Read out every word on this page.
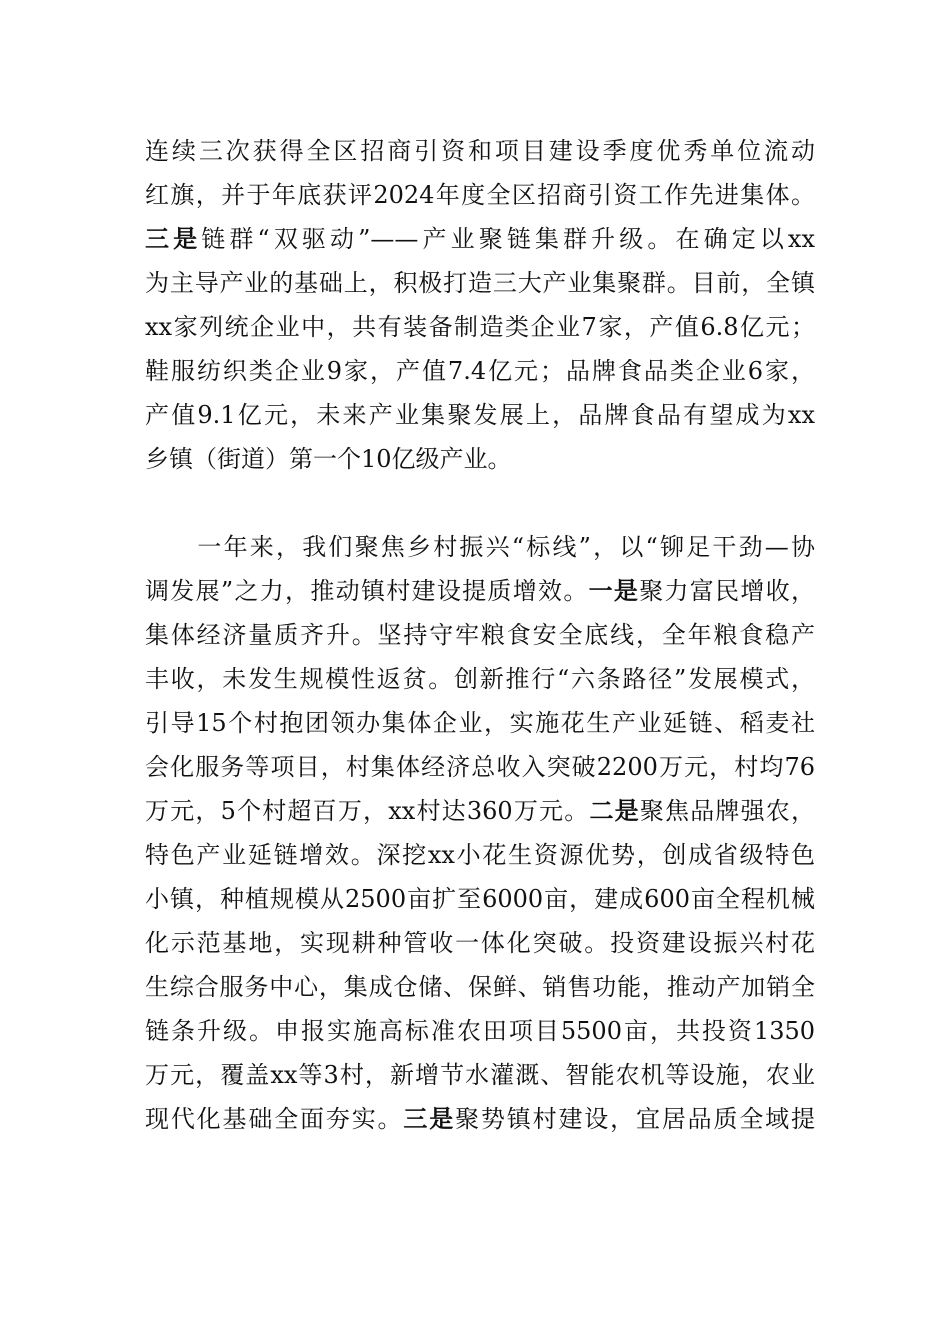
连续三次获得全区招商引资和项目建设季度优秀单位流动
红旗，并于年底获评2024年度全区招商引资工作先进集体。
三是链群“双驱动”——产业聚链集群升级。在确定以xx
为主导产业的基础上，积极打造三大产业集聚群。目前，全镇
xx家列统企业中，共有装备制造类企业7家，产值6.8亿元；
鞋服纺织类企业9家，产值7.4亿元；品牌食品类企业6家，
产值9.1亿元，未来产业集聚发展上，品牌食品有望成为xx
乡镇（街道）第一个10亿级产业。
　　一年来，我们聚焦乡村振兴“标线”，以“铆足干劲—协
调发展”之力，推动镇村建设提质增效。一是聚力富民增收，
集体经济量质齐升。坚持守牢粮食安全底线，全年粮食稳产
丰收，未发生规模性返贫。创新推行“六条路径”发展模式，
引导15个村抱团领办集体企业，实施花生产业延链、稻麦社
会化服务等项目，村集体经济总收入突破2200万元，村均76
万元，5个村超百万，xx村达360万元。二是聚焦品牌强农，
特色产业延链增效。深挖xx小花生资源优势，创成省级特色
小镇，种植规模从2500亩扩至6000亩，建成600亩全程机械
化示范基地，实现耕种管收一体化突破。投资建设振兴村花
生综合服务中心，集成仓储、保鲜、销售功能，推动产加销全
链条升级。申报实施高标准农田项目5500亩，共投资1350
万元，覆盖xx等3村，新增节水灌溉、智能农机等设施，农业
现代化基础全面夯实。三是聚势镇村建设，宜居品质全域提
